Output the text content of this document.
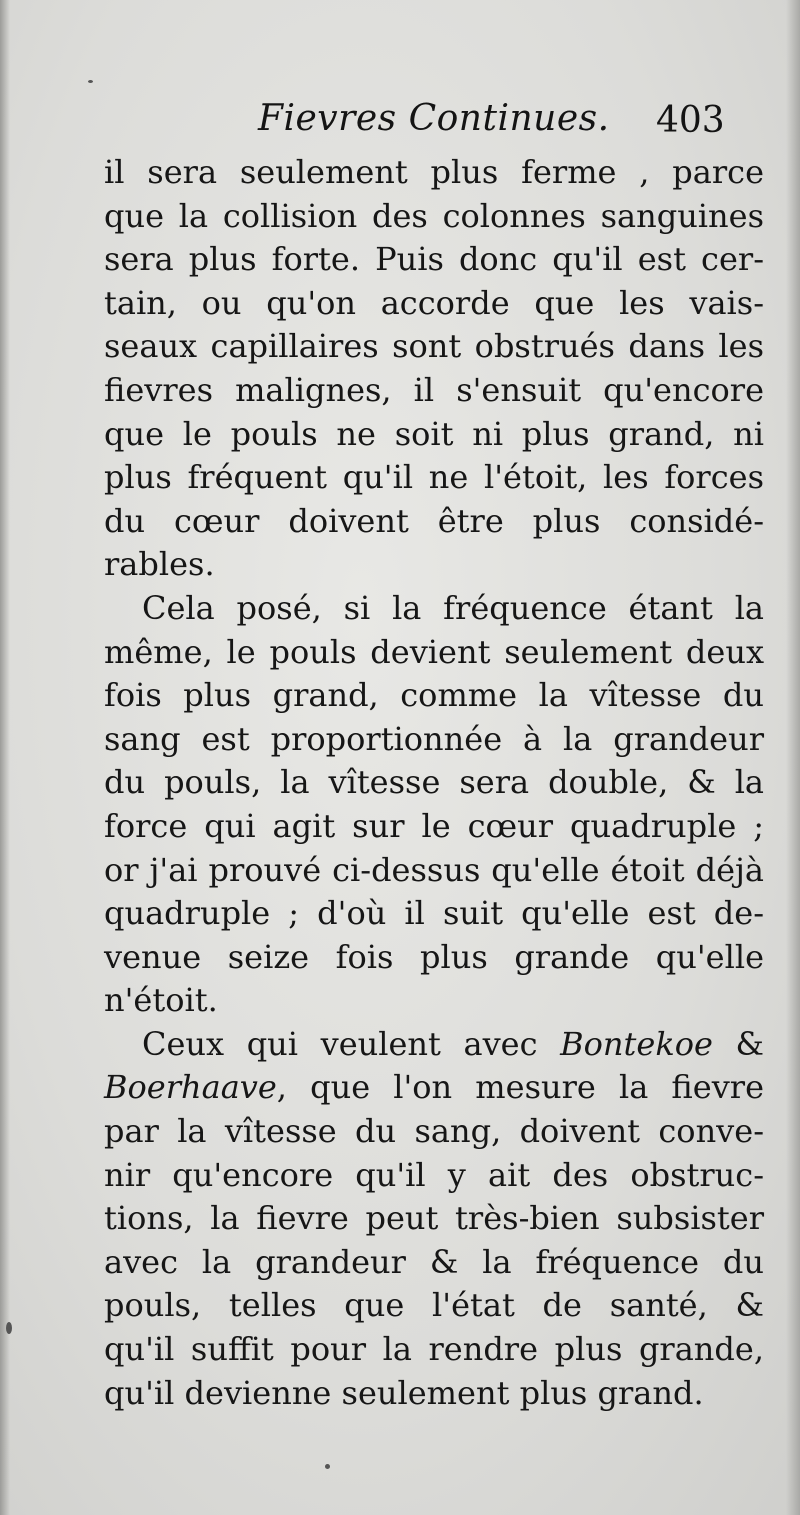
Fievres Continues. 403
il sera seulement plus ferme , parce
que la collision des colonnes sanguines
sera plus forte. Puis donc qu'il est cer-
tain, ou qu'on accorde que les vais-
seaux capillaires sont obstrués dans les
fievres malignes, il s'ensuit qu'encore
que le pouls ne soit ni plus grand, ni
plus fréquent qu'il ne l'étoit, les forces
du cœur doivent être plus considé-
rables.
Cela posé, si la fréquence étant la
même, le pouls devient seulement deux
fois plus grand, comme la vîtesse du
sang est proportionnée à la grandeur
du pouls, la vîtesse sera double, & la
force qui agit sur le cœur quadruple ;
or j'ai prouvé ci-dessus qu'elle étoit déjà
quadruple ; d'où il suit qu'elle est de-
venue seize fois plus grande qu'elle
n'étoit.
Ceux qui veulent avec Bontekoe &
Boerhaave, que l'on mesure la fievre
par la vîtesse du sang, doivent conve-
nir qu'encore qu'il y ait des obstruc-
tions, la fievre peut très-bien subsister
avec la grandeur & la fréquence du
pouls, telles que l'état de santé, &
qu'il suffit pour la rendre plus grande,
qu'il devienne seulement plus grand.
